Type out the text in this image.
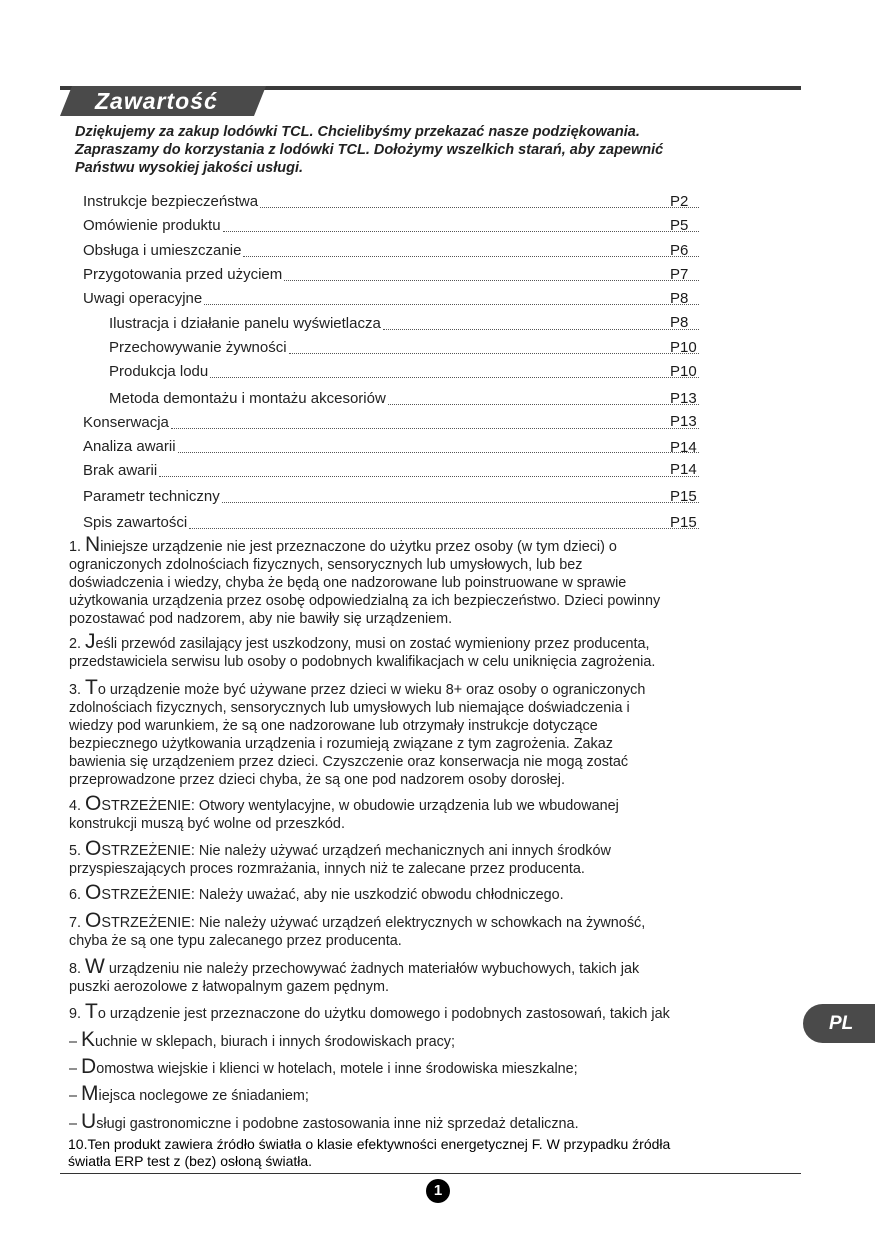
Zawartość

Dziękujemy za zakup lodówki TCL. Chcielibyśmy przekazać nasze podziękowania.

Zapraszamy do korzystania z lodówki TCL. Dołożymy wszelkich starań, aby zapewnić

Państwu wysokiej jakości usługi.

Instrukcje bezpieczeństwa
Omówienie produktu
Obsługa i umieszczanie
Przygotowania przed użyciem
Uwagi operacyjne
Ilustracja i działanie panelu wyświetlacza
Przechowywanie żywności
Produkcja lodu
Metoda demontażu i montażu akcesoriów
Konserwacja
Analiza awarii
Brak awarii
Parametr techniczny
Spis zawartości
P2
P5
P6
P7
P8
P8
P10
P10
P13
P13
P14
P14
P15
P15

1. Niniejsze urządzenie nie jest przeznaczone do użytku przez osoby (w tym dzieci) o

ograniczonych zdolnościach fizycznych, sensorycznych lub umysłowych, lub bez

doświadczenia i wiedzy, chyba że będą one nadzorowane lub poinstruowane w sprawie

użytkowania urządzenia przez osobę odpowiedzialną za ich bezpieczeństwo. Dzieci powinny

pozostawać pod nadzorem, aby nie bawiły się urządzeniem.

2. Jeśli przewód zasilający jest uszkodzony, musi on zostać wymieniony przez producenta,

przedstawiciela serwisu lub osoby o podobnych kwalifikacjach w celu uniknięcia zagrożenia.

3. To urządzenie może być używane przez dzieci w wieku 8+ oraz osoby o ograniczonych

zdolnościach fizycznych, sensorycznych lub umysłowych lub niemające doświadczenia i

wiedzy pod warunkiem, że są one nadzorowane lub otrzymały instrukcje dotyczące

bezpiecznego użytkowania urządzenia i rozumieją związane z tym zagrożenia. Zakaz

bawienia się urządzeniem przez dzieci. Czyszczenie oraz konserwacja nie mogą zostać

przeprowadzone przez dzieci chyba, że są one pod nadzorem osoby dorosłej.

4. OSTRZEŻENIE: Otwory wentylacyjne, w obudowie urządzenia lub we wbudowanej

konstrukcji muszą być wolne od przeszkód.

5. OSTRZEŻENIE: Nie należy używać urządzeń mechanicznych ani innych środków

przyspieszających proces rozmrażania, innych niż te zalecane przez producenta.

6. OSTRZEŻENIE: Należy uważać, aby nie uszkodzić obwodu chłodniczego.

7. OSTRZEŻENIE: Nie należy używać urządzeń elektrycznych w schowkach na żywność,

chyba że są one typu zalecanego przez producenta.

8. W urządzeniu nie należy przechowywać żadnych materiałów wybuchowych, takich jak

puszki aerozolowe z łatwopalnym gazem pędnym.

9. To urządzenie jest przeznaczone do użytku domowego i podobnych zastosowań, takich jak

– Kuchnie w sklepach, biurach i innych środowiskach pracy;

– Domostwa wiejskie i klienci w hotelach, motele i inne środowiska mieszkalne;

– Miejsca noclegowe ze śniadaniem;

– Usługi gastronomiczne i podobne zastosowania inne niż sprzedaż detaliczna.

10.Ten produkt zawiera źródło światła o klasie efektywności energetycznej F. W przypadku źródła
światła ERP test z (bez) osłoną światła.
1
PL
